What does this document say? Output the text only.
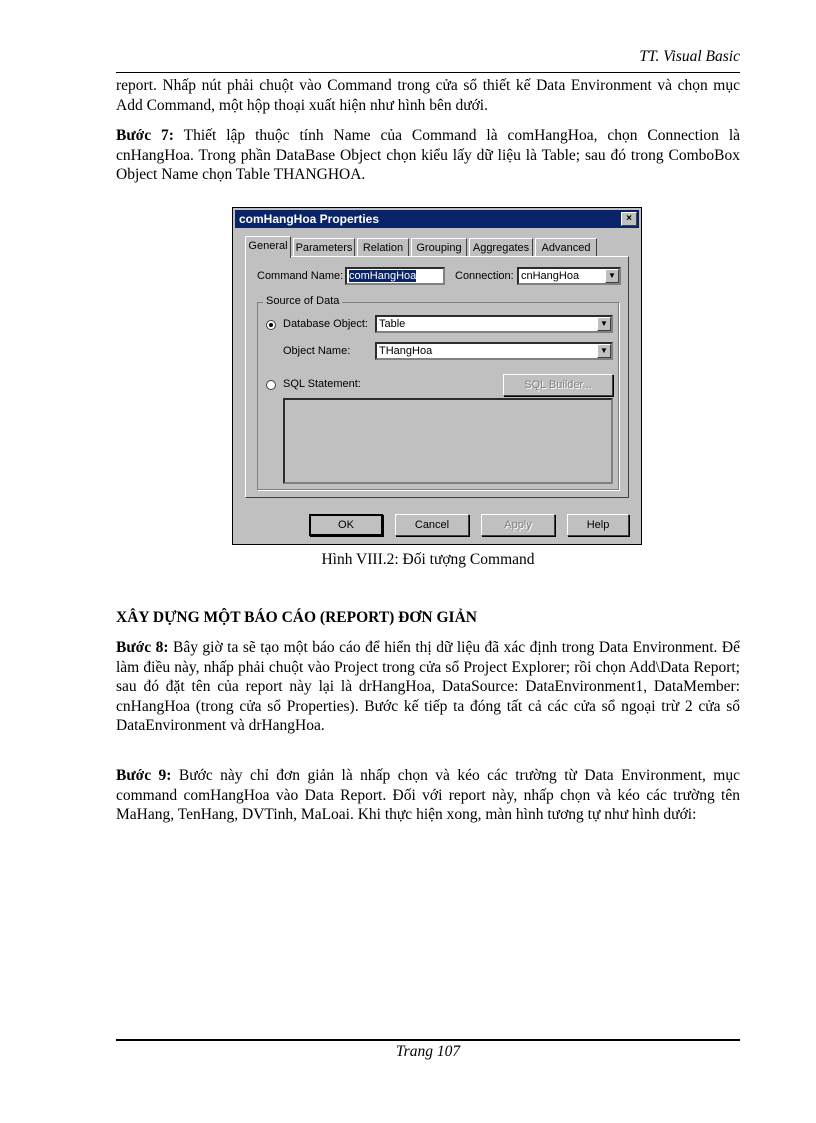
TT. Visual Basic

report. Nhấp nút phải chuột vào Command trong cửa sổ thiết kế Data Environment và chọn mục Add Command, một hộp thoại xuất hiện như hình bên dưới.

Bước 7: Thiết lập thuộc tính Name của Command là comHangHoa, chọn Connection là cnHangHoa. Trong phần DataBase Object chọn kiểu lấy dữ liệu là Table; sau đó trong ComboBox Object Name chọn Table THANGHOA.

comHangHoa Properties	×
General Parameters Relation	Grouping	Aggregates	Advanced
Command Name: comHangHoa	Connection: cnHangHoa	▼
Source of Data
Database Object:	Table	▼
Object Name:	THangHoa	▼
SQL Statement:	SQL Builder...
OK	Cancel	Apply	Help
Hình VIII.2: Đối tượng Command
XÂY DỰNG MỘT BÁO CÁO (REPORT) ĐƠN GIẢN

Bước 8: Bây giờ ta sẽ tạo một báo cáo để hiển thị dữ liệu đã xác định trong Data Environment. Để làm điều này, nhấp phải chuột vào Project trong cửa sổ Project Explorer; rồi chọn Add\Data Report; sau đó đặt tên của report này lại là drHangHoa, DataSource: DataEnvironment1, DataMember: cnHangHoa (trong cửa sổ Properties). Bước kế tiếp ta đóng tất cả các cửa sổ ngoại trừ 2 cửa sổ DataEnvironment và drHangHoa.

Bước 9: Bước này chỉ đơn giản là nhấp chọn và kéo các trường từ Data Environment, mục command comHangHoa vào Data Report. Đối với report này, nhấp chọn và kéo các trường tên MaHang, TenHang, DVTinh, MaLoai. Khi thực hiện xong, màn hình tương tự như hình dưới:

Trang 107
